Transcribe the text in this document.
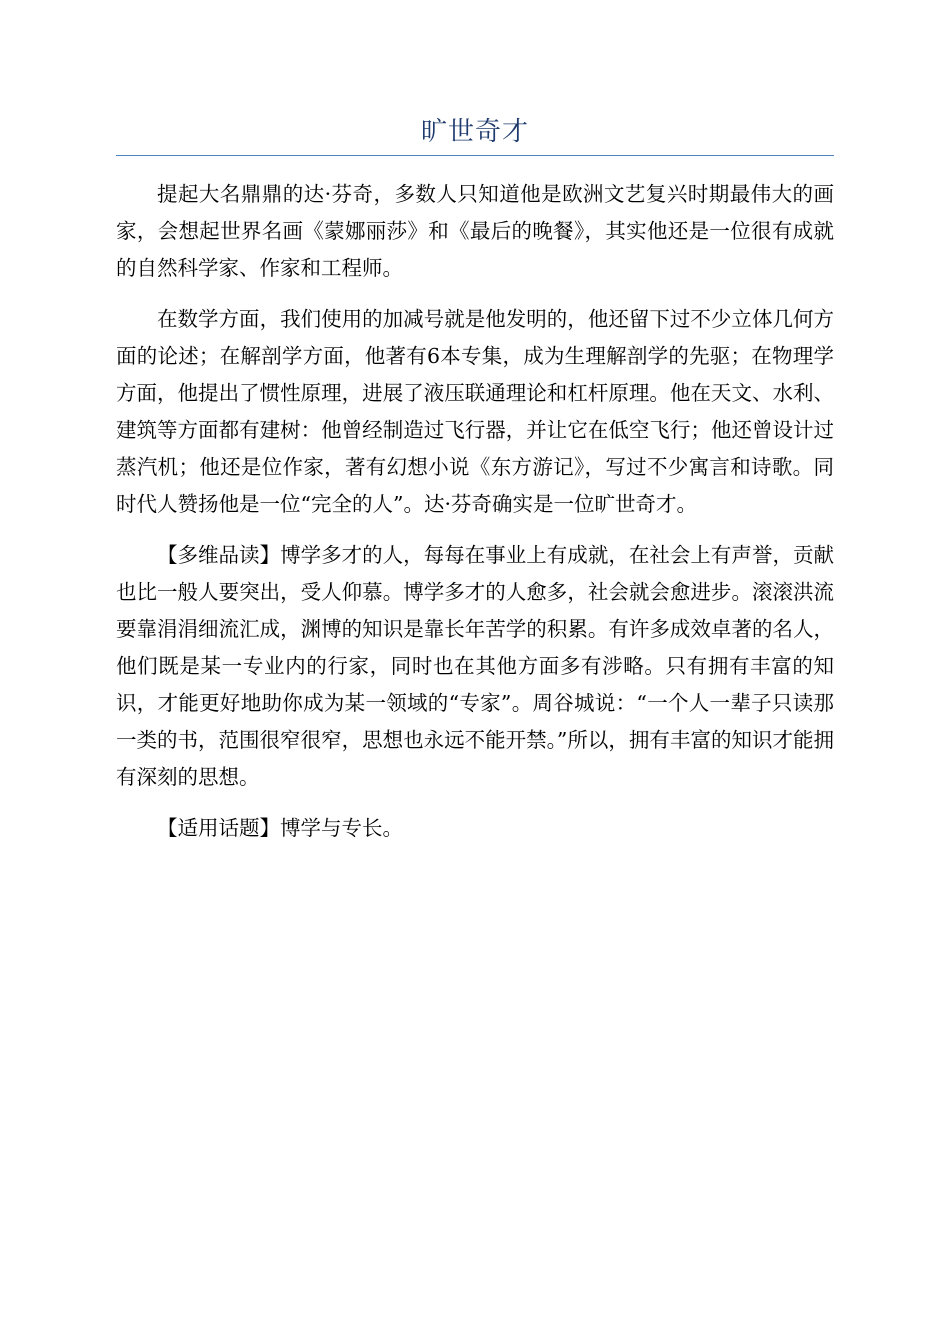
旷世奇才

提起大名鼎鼎的达·芬奇，多数人只知道他是欧洲文艺复兴时期最伟大的画家，会想起世界名画《蒙娜丽莎》和《最后的晚餐》，其实他还是一位很有成就的自然科学家、作家和工程师。

在数学方面，我们使用的加减号就是他发明的，他还留下过不少立体几何方面的论述；在解剖学方面，他著有6本专集，成为生理解剖学的先驱；在物理学方面，他提出了惯性原理，进展了液压联通理论和杠杆原理。他在天文、水利、建筑等方面都有建树：他曾经制造过飞行器，并让它在低空飞行；他还曾设计过蒸汽机；他还是位作家，著有幻想小说《东方游记》，写过不少寓言和诗歌。同时代人赞扬他是一位“完全的人”。达·芬奇确实是一位旷世奇才。

【多维品读】博学多才的人，每每在事业上有成就，在社会上有声誉，贡献也比一般人要突出，受人仰慕。博学多才的人愈多，社会就会愈进步。滚滚洪流要靠涓涓细流汇成，渊博的知识是靠长年苦学的积累。有许多成效卓著的名人，他们既是某一专业内的行家，同时也在其他方面多有涉略。只有拥有丰富的知识，才能更好地助你成为某一领域的“专家”。周谷城说：“一个人一辈子只读那一类的书，范围很窄很窄，思想也永远不能开禁。”所以，拥有丰富的知识才能拥有深刻的思想。

【适用话题】博学与专长。
